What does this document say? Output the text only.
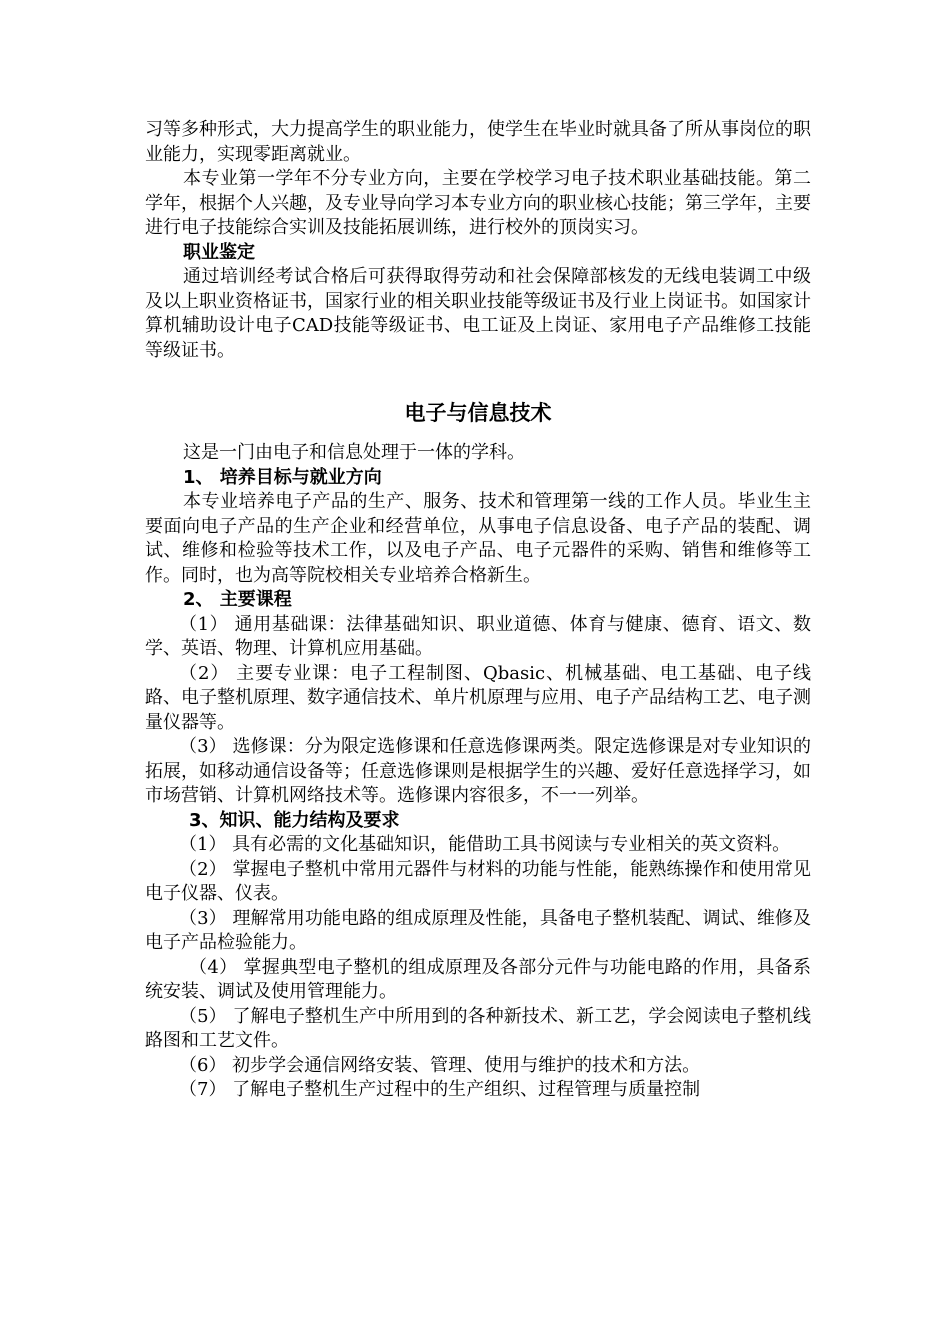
习等多种形式，大力提高学生的职业能力，使学生在毕业时就具备了所从事岗位的职业能力，实现零距离就业。

本专业第一学年不分专业方向，主要在学校学习电子技术职业基础技能。第二学年，根据个人兴趣，及专业导向学习本专业方向的职业核心技能；第三学年，主要进行电子技能综合实训及技能拓展训练，进行校外的顶岗实习。

职业鉴定

通过培训经考试合格后可获得取得劳动和社会保障部核发的无线电装调工中级及以上职业资格证书，国家行业的相关职业技能等级证书及行业上岗证书。如国家计算机辅助设计电子CAD技能等级证书、电工证及上岗证、家用电子产品维修工技能等级证书。

电子与信息技术

这是一门由电子和信息处理于一体的学科。

1、 培养目标与就业方向

本专业培养电子产品的生产、服务、技术和管理第一线的工作人员。毕业生主要面向电子产品的生产企业和经营单位，从事电子信息设备、电子产品的装配、调试、维修和检验等技术工作，以及电子产品、电子元器件的采购、销售和维修等工作。同时，也为高等院校相关专业培养合格新生。

2、 主要课程

（1） 通用基础课：法律基础知识、职业道德、体育与健康、德育、语文、数学、英语、物理、计算机应用基础。

（2） 主要专业课：电子工程制图、Qbasic、机械基础、电工基础、电子线路、电子整机原理、数字通信技术、单片机原理与应用、电子产品结构工艺、电子测量仪器等。

（3） 选修课：分为限定选修课和任意选修课两类。限定选修课是对专业知识的拓展，如移动通信设备等；任意选修课则是根据学生的兴趣、爱好任意选择学习，如市场营销、计算机网络技术等。选修课内容很多，不一一列举。

3、知识、能力结构及要求

（1） 具有必需的文化基础知识，能借助工具书阅读与专业相关的英文资料。

（2） 掌握电子整机中常用元器件与材料的功能与性能，能熟练操作和使用常见电子仪器、仪表。

（3） 理解常用功能电路的组成原理及性能，具备电子整机装配、调试、维修及电子产品检验能力。

（4） 掌握典型电子整机的组成原理及各部分元件与功能电路的作用，具备系统安装、调试及使用管理能力。

（5） 了解电子整机生产中所用到的各种新技术、新工艺，学会阅读电子整机线路图和工艺文件。

（6） 初步学会通信网络安装、管理、使用与维护的技术和方法。

（7） 了解电子整机生产过程中的生产组织、过程管理与质量控制
